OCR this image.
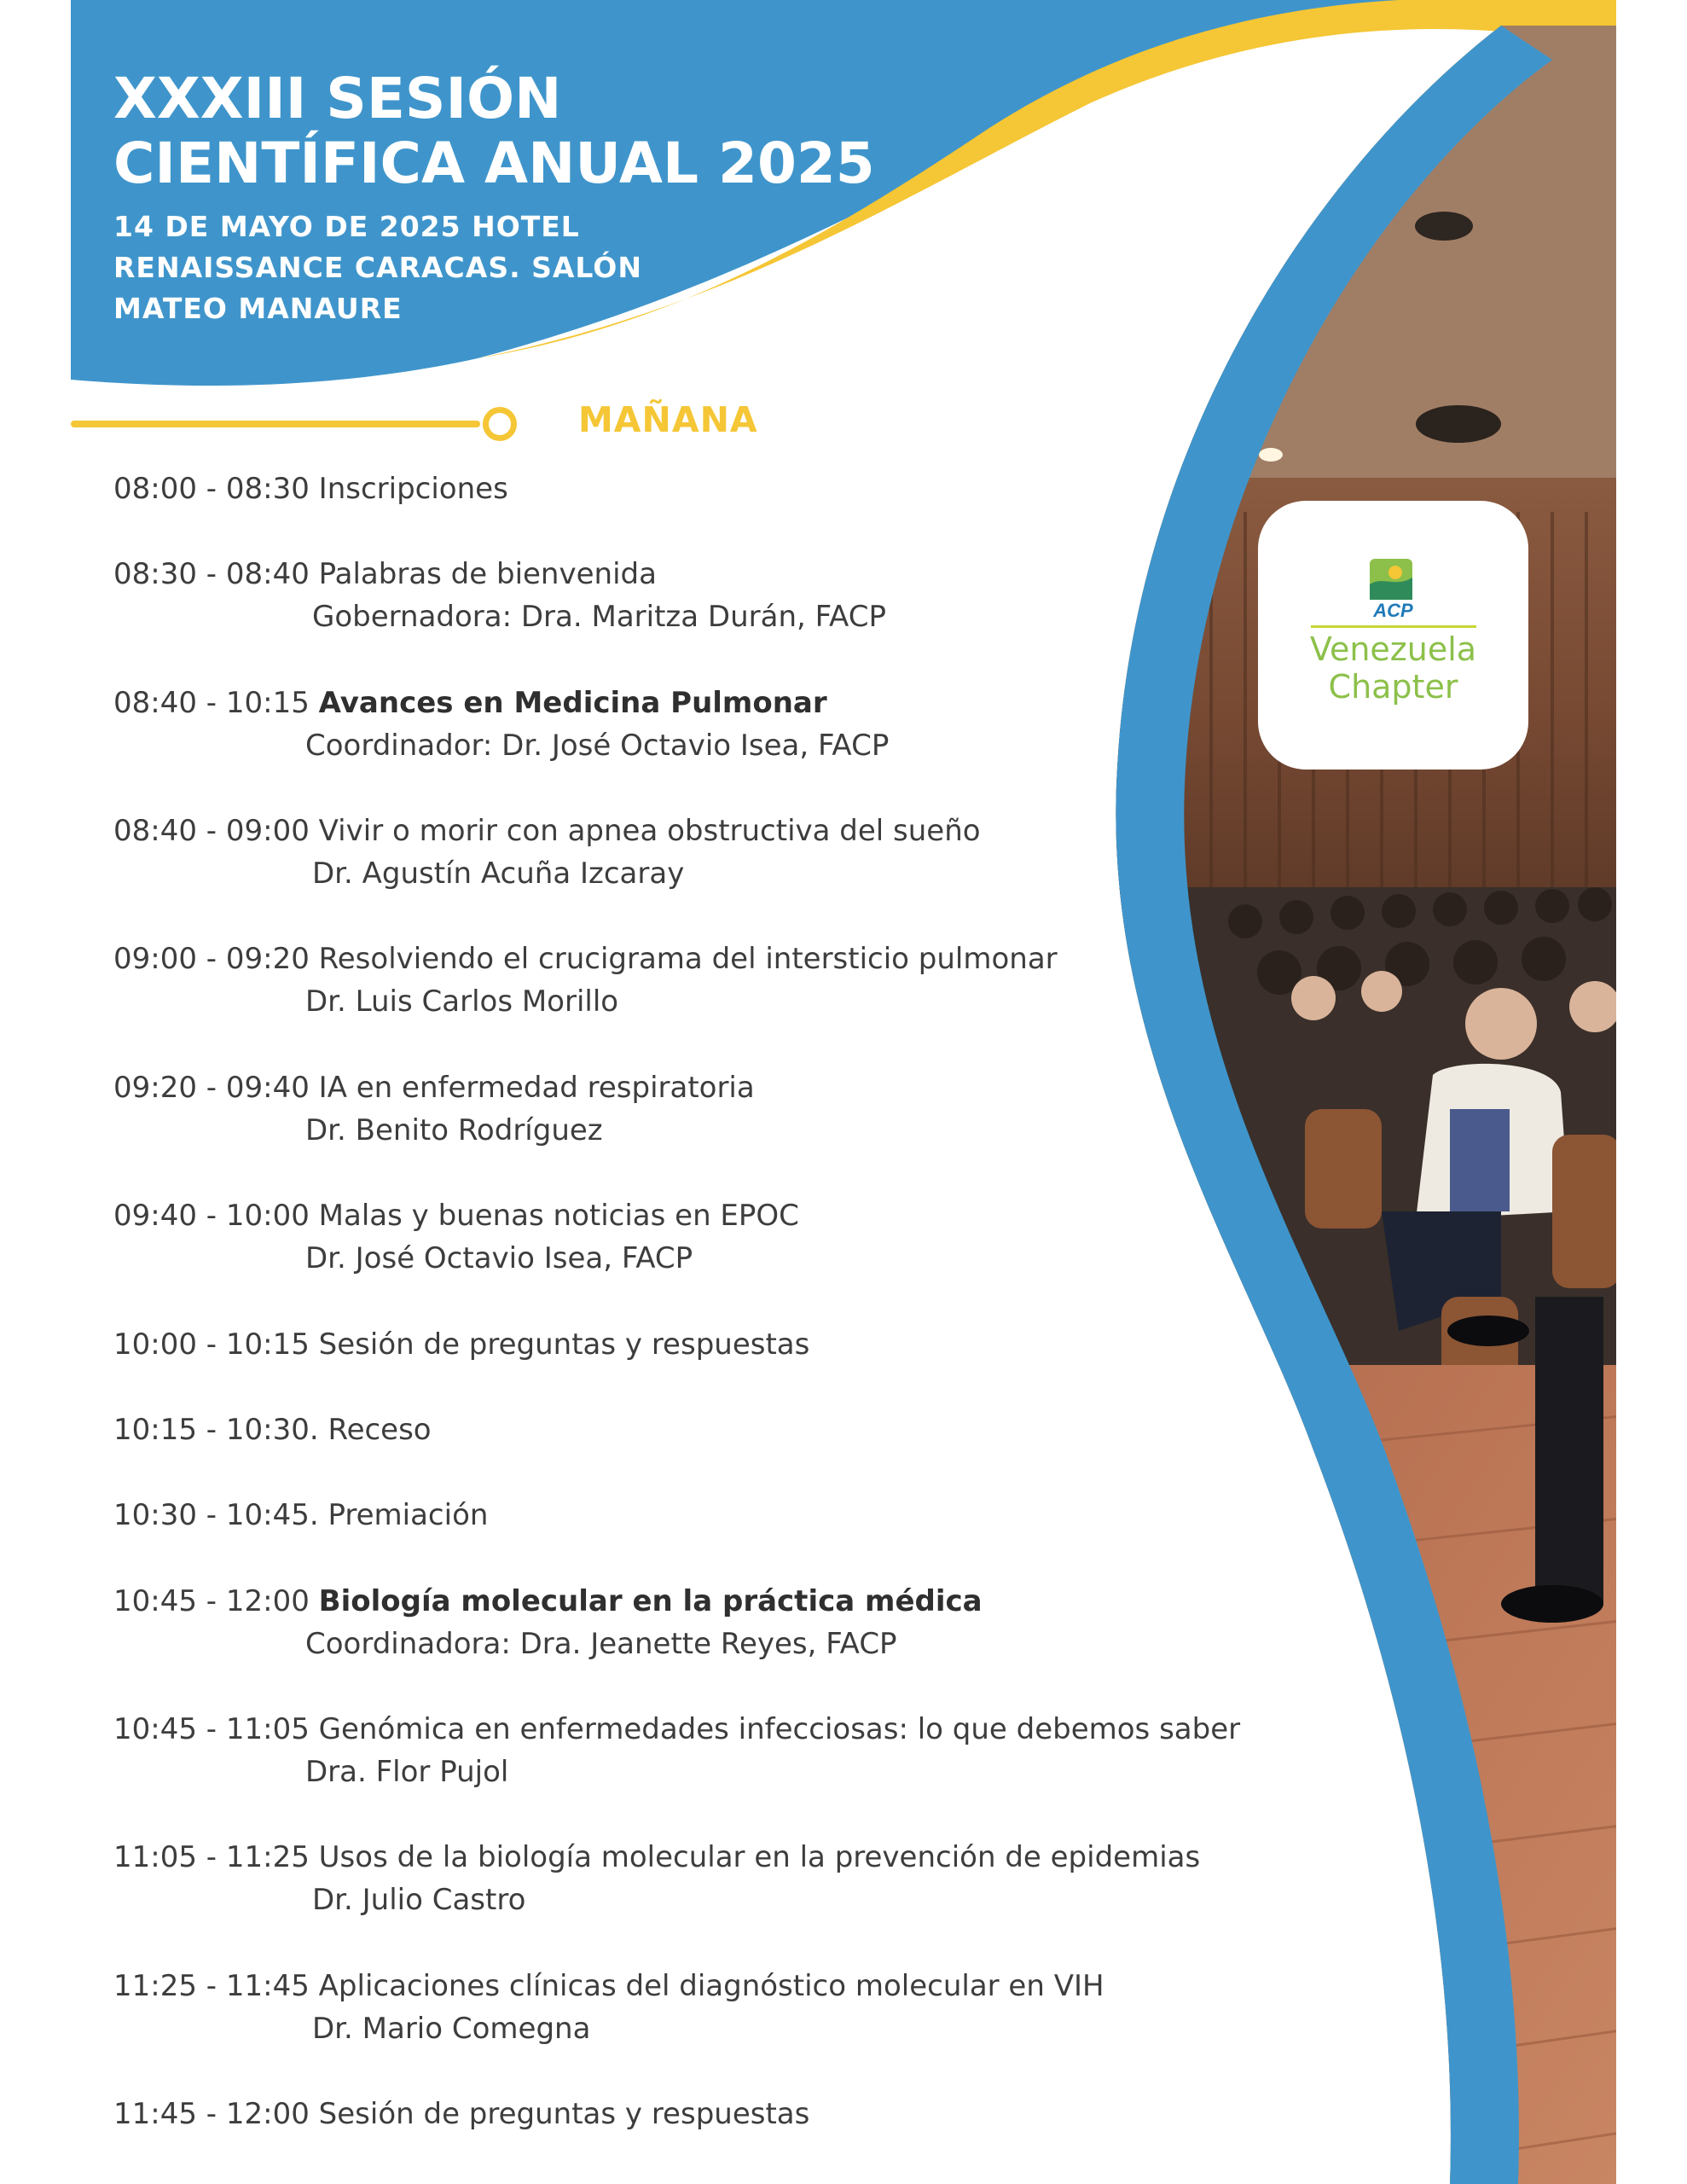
XXXIII SESIÓN
CIENTÍFICA ANUAL 2025
14 DE MAYO DE 2025 HOTEL
RENAISSANCE CARACAS. SALÓN
MATEO MANAURE
MAÑANA
08:00 - 08:30 Inscripciones
08:30 - 08:40 Palabras de bienvenida
Gobernadora: Dra. Maritza Durán, FACP
08:40 - 10:15 Avances en Medicina Pulmonar
Coordinador: Dr. José Octavio Isea, FACP
08:40 - 09:00 Vivir o morir con apnea obstructiva del sueño
Dr. Agustín Acuña Izcaray
09:00 - 09:20 Resolviendo el crucigrama del intersticio pulmonar
Dr. Luis Carlos Morillo
09:20 - 09:40 IA en enfermedad respiratoria
Dr. Benito Rodríguez
09:40 - 10:00 Malas y buenas noticias en EPOC
Dr. José Octavio Isea, FACP
10:00 - 10:15 Sesión de preguntas y respuestas
10:15 - 10:30. Receso
10:30 - 10:45. Premiación
10:45 - 12:00 Biología molecular en la práctica médica
Coordinadora: Dra. Jeanette Reyes, FACP
10:45 - 11:05 Genómica en enfermedades infecciosas: lo que debemos saber
Dra. Flor Pujol
11:05 - 11:25 Usos de la biología molecular en la prevención de epidemias
Dr. Julio Castro
11:25 - 11:45 Aplicaciones clínicas del diagnóstico molecular en VIH
Dr. Mario Comegna
11:45 - 12:00 Sesión de preguntas y respuestas
ACP
Venezuela
Chapter
